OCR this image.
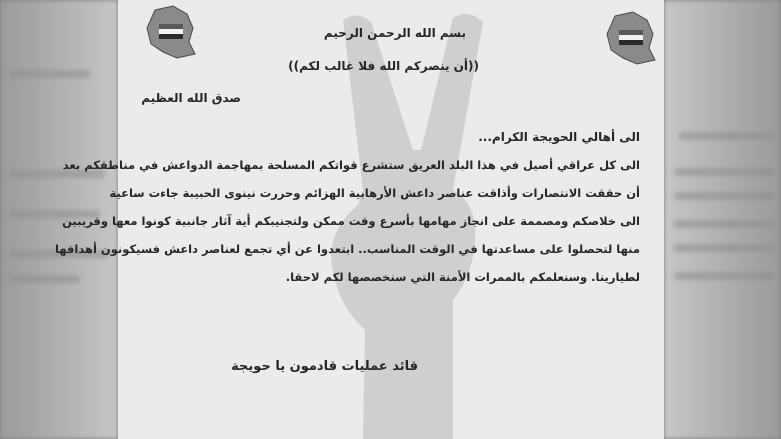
بسم الله الرحمن الرحيم
((أن ينصركم الله فلا غالب لكم))
صدق الله العظيم
الى أهالي الحويجة الكرام...
الى كل عراقي أصيل في هذا البلد العريق ستشرع قواتكم المسلحة بمهاجمة الدواعش في مناطقكم بعد
أن حققت الانتصارات وأذاقت عناصر داعش الأرهابية الهزائم وحررت نينوى الحبيبة جاءت ساعية
الى خلاصكم ومصممة على انجاز مهامها بأسرع وقت ممكن ولتجنيبكم أية آثار جانبية كونوا معها وقريبين
منها لتحصلوا على مساعدتها في الوقت المناسب.. ابتعدوا عن أي تجمع لعناصر داعش فسيكونون أهدافها
لطيارينا. وسنعلمكم بالممرات الأمنة التي سنخصصها لكم لاحقا.
قائد عمليات قادمون يا حويجة
